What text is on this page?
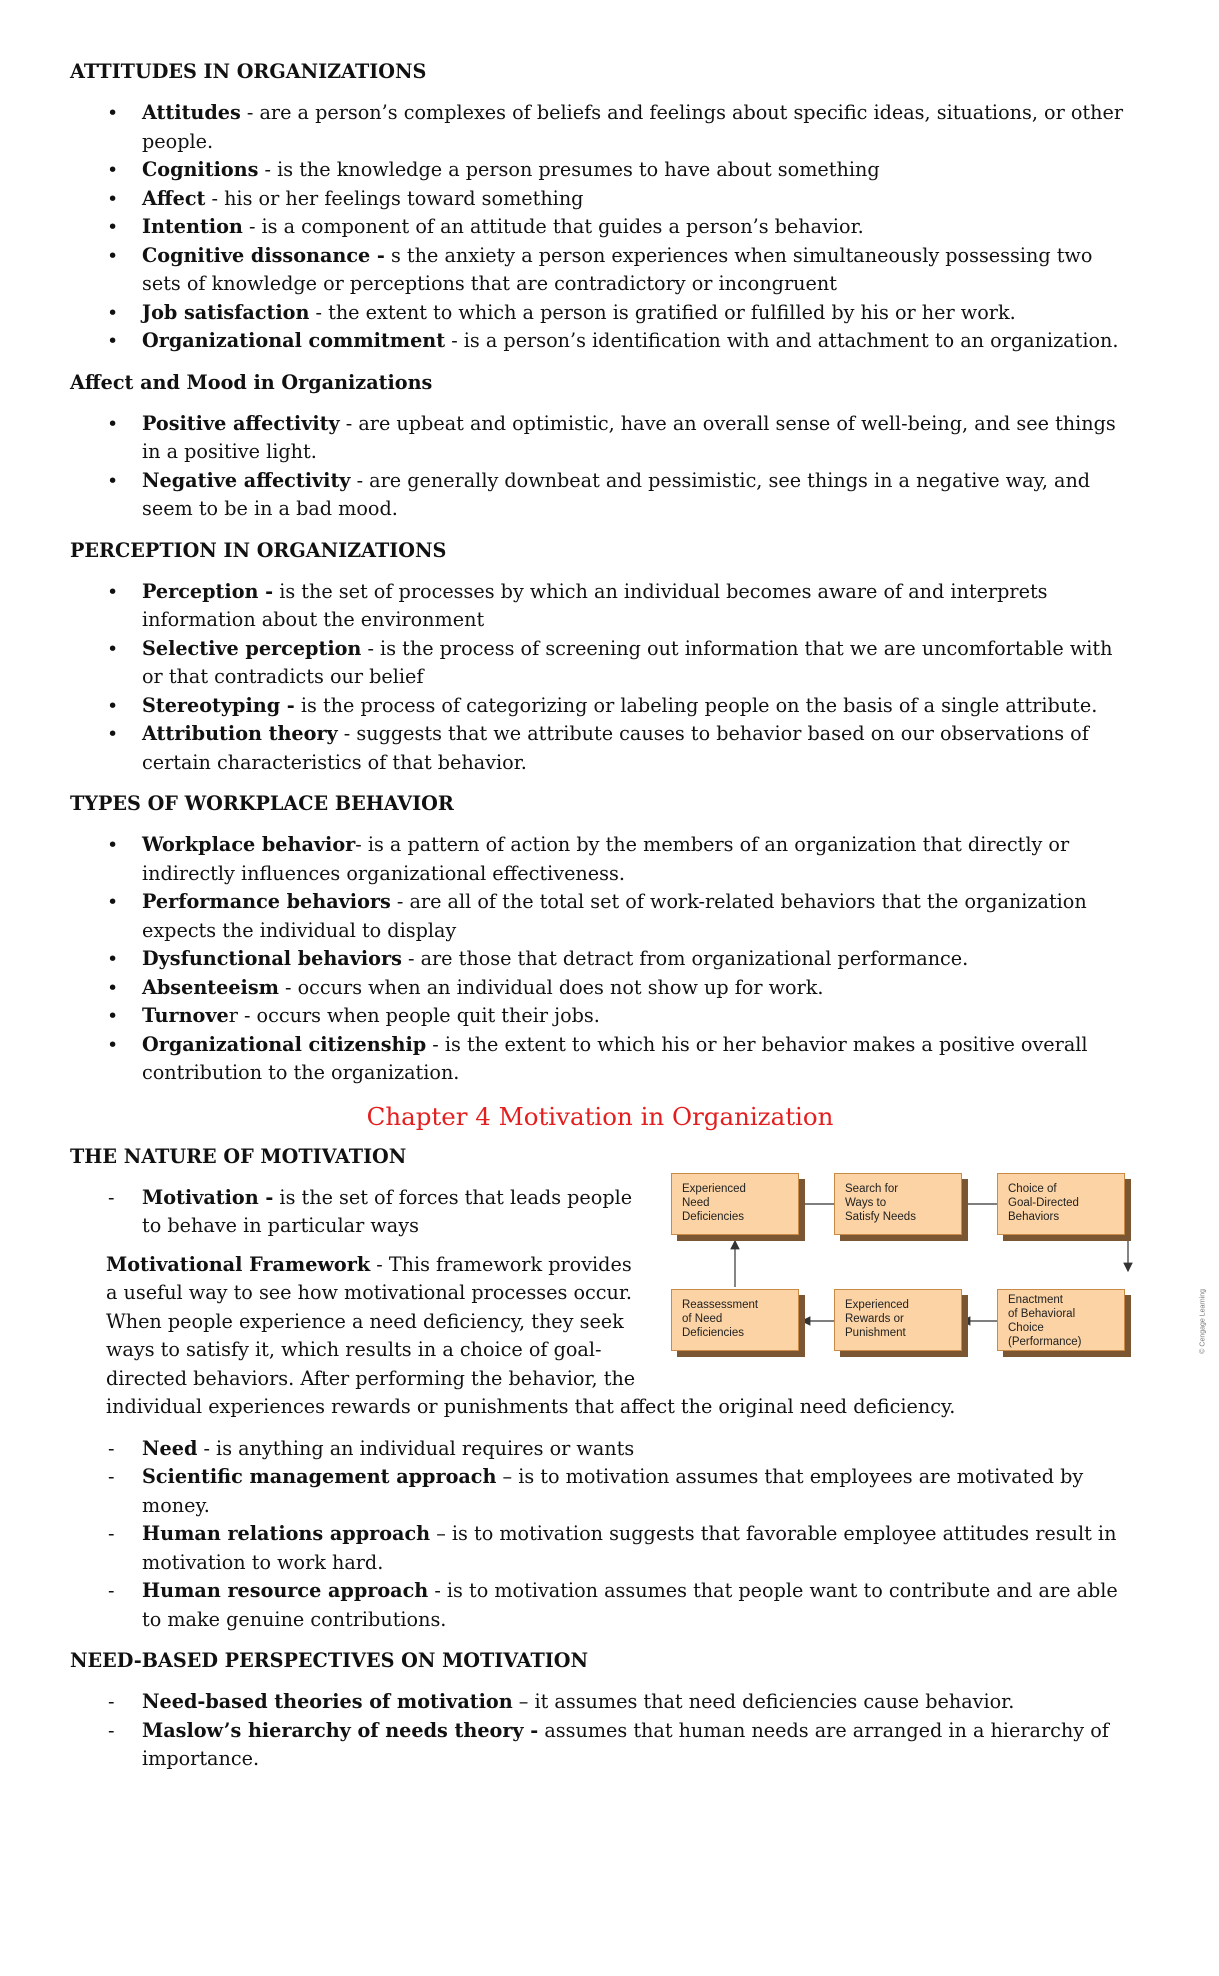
ATTITUDES IN ORGANIZATIONS
• Attitudes - are a person’s complexes of beliefs and feelings about specific ideas, situations, or other people.
• Cognitions - is the knowledge a person presumes to have about something
• Affect - his or her feelings toward something
• Intention - is a component of an attitude that guides a person’s behavior.
• Cognitive dissonance - s the anxiety a person experiences when simultaneously possessing two sets of knowledge or perceptions that are contradictory or incongruent
• Job satisfaction - the extent to which a person is gratified or fulfilled by his or her work.
• Organizational commitment - is a person’s identification with and attachment to an organization.
Affect and Mood in Organizations
• Positive affectivity - are upbeat and optimistic, have an overall sense of well-being, and see things in a positive light.
• Negative affectivity - are generally downbeat and pessimistic, see things in a negative way, and seem to be in a bad mood.
PERCEPTION IN ORGANIZATIONS
• Perception - is the set of processes by which an individual becomes aware of and interprets information about the environment
• Selective perception - is the process of screening out information that we are uncomfortable with or that contradicts our belief
• Stereotyping - is the process of categorizing or labeling people on the basis of a single attribute.
• Attribution theory - suggests that we attribute causes to behavior based on our observations of certain characteristics of that behavior.
TYPES OF WORKPLACE BEHAVIOR
• Workplace behavior- is a pattern of action by the members of an organization that directly or indirectly influences organizational effectiveness.
• Performance behaviors - are all of the total set of work-related behaviors that the organization expects the individual to display
• Dysfunctional behaviors - are those that detract from organizational performance.
• Absenteeism - occurs when an individual does not show up for work.
• Turnover - occurs when people quit their jobs.
• Organizational citizenship - is the extent to which his or her behavior makes a positive overall contribution to the organization.
Chapter 4 Motivation in Organization
THE NATURE OF MOTIVATION
- Motivation - is the set of forces that leads people to behave in particular ways

Motivational Framework - This framework provides a useful way to see how motivational processes occur. When people experience a need deficiency, they seek ways to satisfy it, which results in a choice of goal-directed behaviors. After performing the behavior, the

individual experiences rewards or punishments that affect the original need deficiency.
Experienced
Need
Deficiencies
Search for
Ways to
Satisfy Needs
Choice of
Goal-Directed
Behaviors
Reassessment
of Need
Deficiencies
Experienced
Rewards or
Punishment
Enactment
of Behavioral
Choice
(Performance)	© Cengage Learning
- Need - is anything an individual requires or wants
- Scientific management approach – is to motivation assumes that employees are motivated by money.
- Human relations approach – is to motivation suggests that favorable employee attitudes result in motivation to work hard.
- Human resource approach - is to motivation assumes that people want to contribute and are able to make genuine contributions.
NEED-BASED PERSPECTIVES ON MOTIVATION
- Need-based theories of motivation – it assumes that need deficiencies cause behavior.
- Maslow’s hierarchy of needs theory - assumes that human needs are arranged in a hierarchy of importance.
